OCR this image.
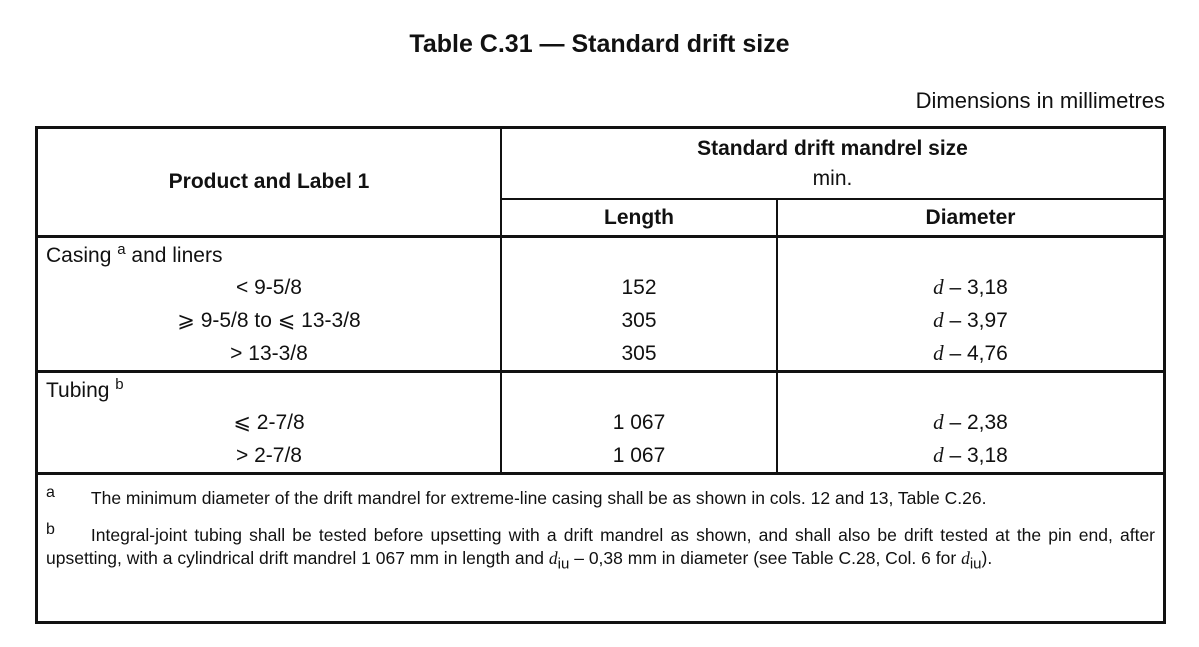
Table C.31 — Standard drift size
Dimensions in millimetres
Product and Label 1	Standard drift mandrel size
min.	

	Length	Diameter
Casing $^a$ and liners		
< 9-5/8	152	d – 3,18
⩾ 9-5/8 to ⩽ 13-3/8	305	d – 3,97
> 13-3/8	305	d – 4,76
Tubing $^b$		
⩽ 2-7/8	1 067	d – 2,38
> 2-7/8	1 067	d – 3,18
a The minimum diameter of the drift mandrel for extreme-line casing shall be as shown in cols. 12 and 13, Table C.26.
b Integral-joint tubing shall be tested before upsetting with a drift mandrel as shown, and shall also be drift tested at the pin end, after upsetting, with a cylindrical drift mandrel 1 067 mm in length and $d_{iu} - 0,38$ mm in diameter (see Table C.28, Col. 6 for $d_{iu}$).
